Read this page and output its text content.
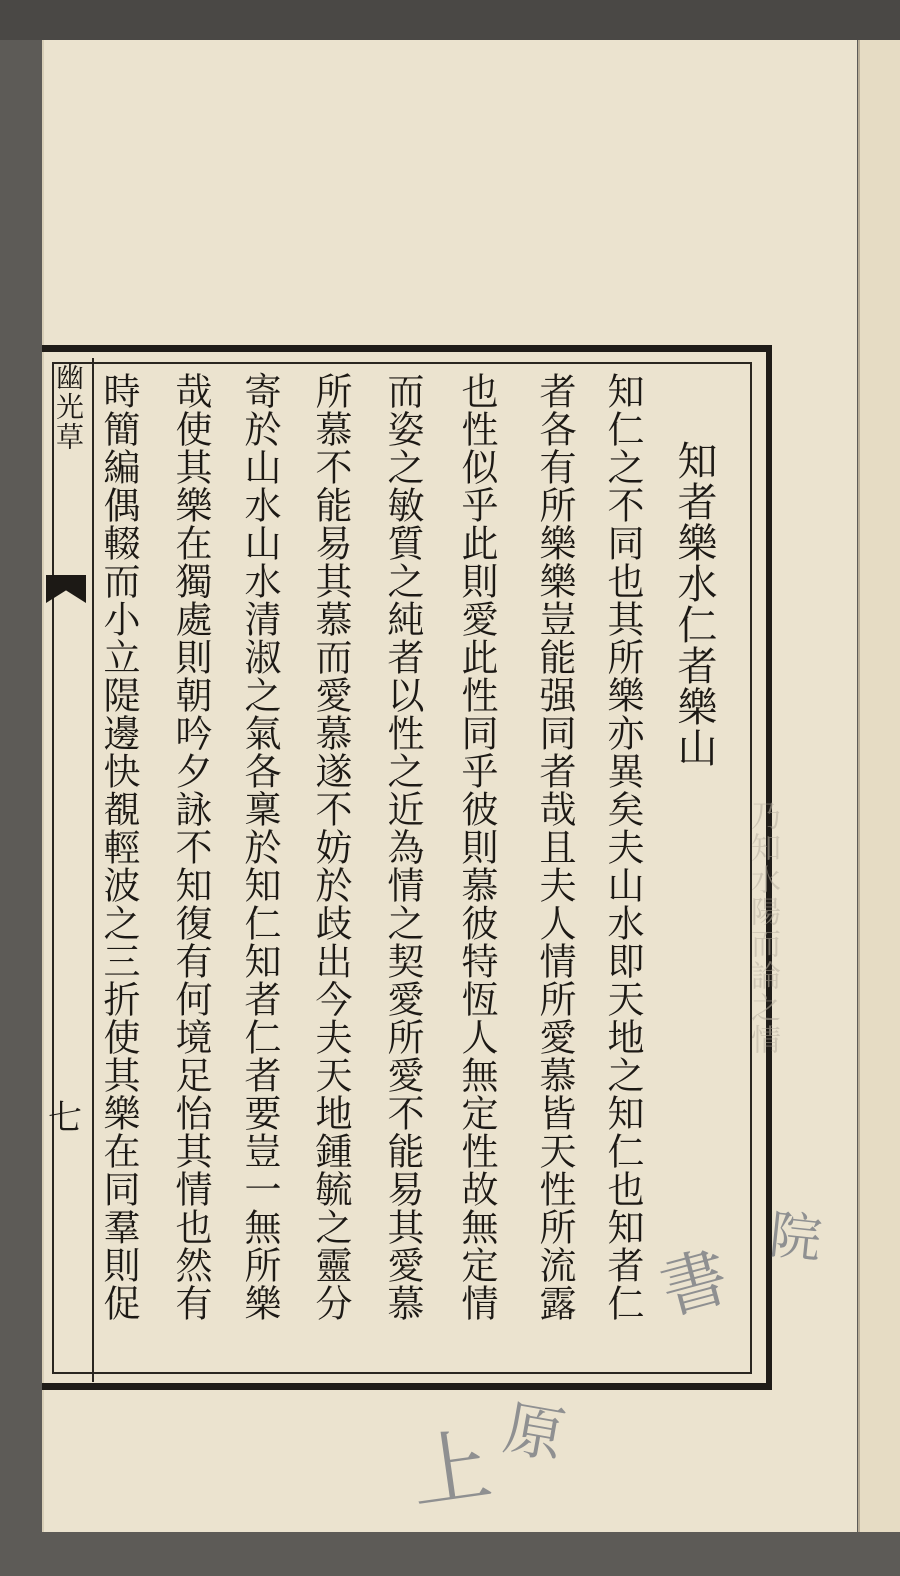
幽光草
七
乃知水陽而論之情
知者樂水仁者樂山
知仁之不同也其所樂亦異矣夫山水即天地之知仁也知者仁
者各有所樂樂豈能强同者哉且夫人情所愛慕皆天性所流露
也性似乎此則愛此性同乎彼則慕彼特恆人無定性故無定情
而姿之敏質之純者以性之近為情之契愛所愛不能易其愛慕
所慕不能易其慕而愛慕遂不妨於歧出今夫天地鍾毓之靈分
寄於山水山水清淑之氣各稟於知仁知者仁者要豈一無所樂
哉使其樂在獨處則朝吟夕詠不知復有何境足怡其情也然有
時簡編偶輟而小立隄邊快覩輕波之三折使其樂在同羣則促
上 原
書 院
